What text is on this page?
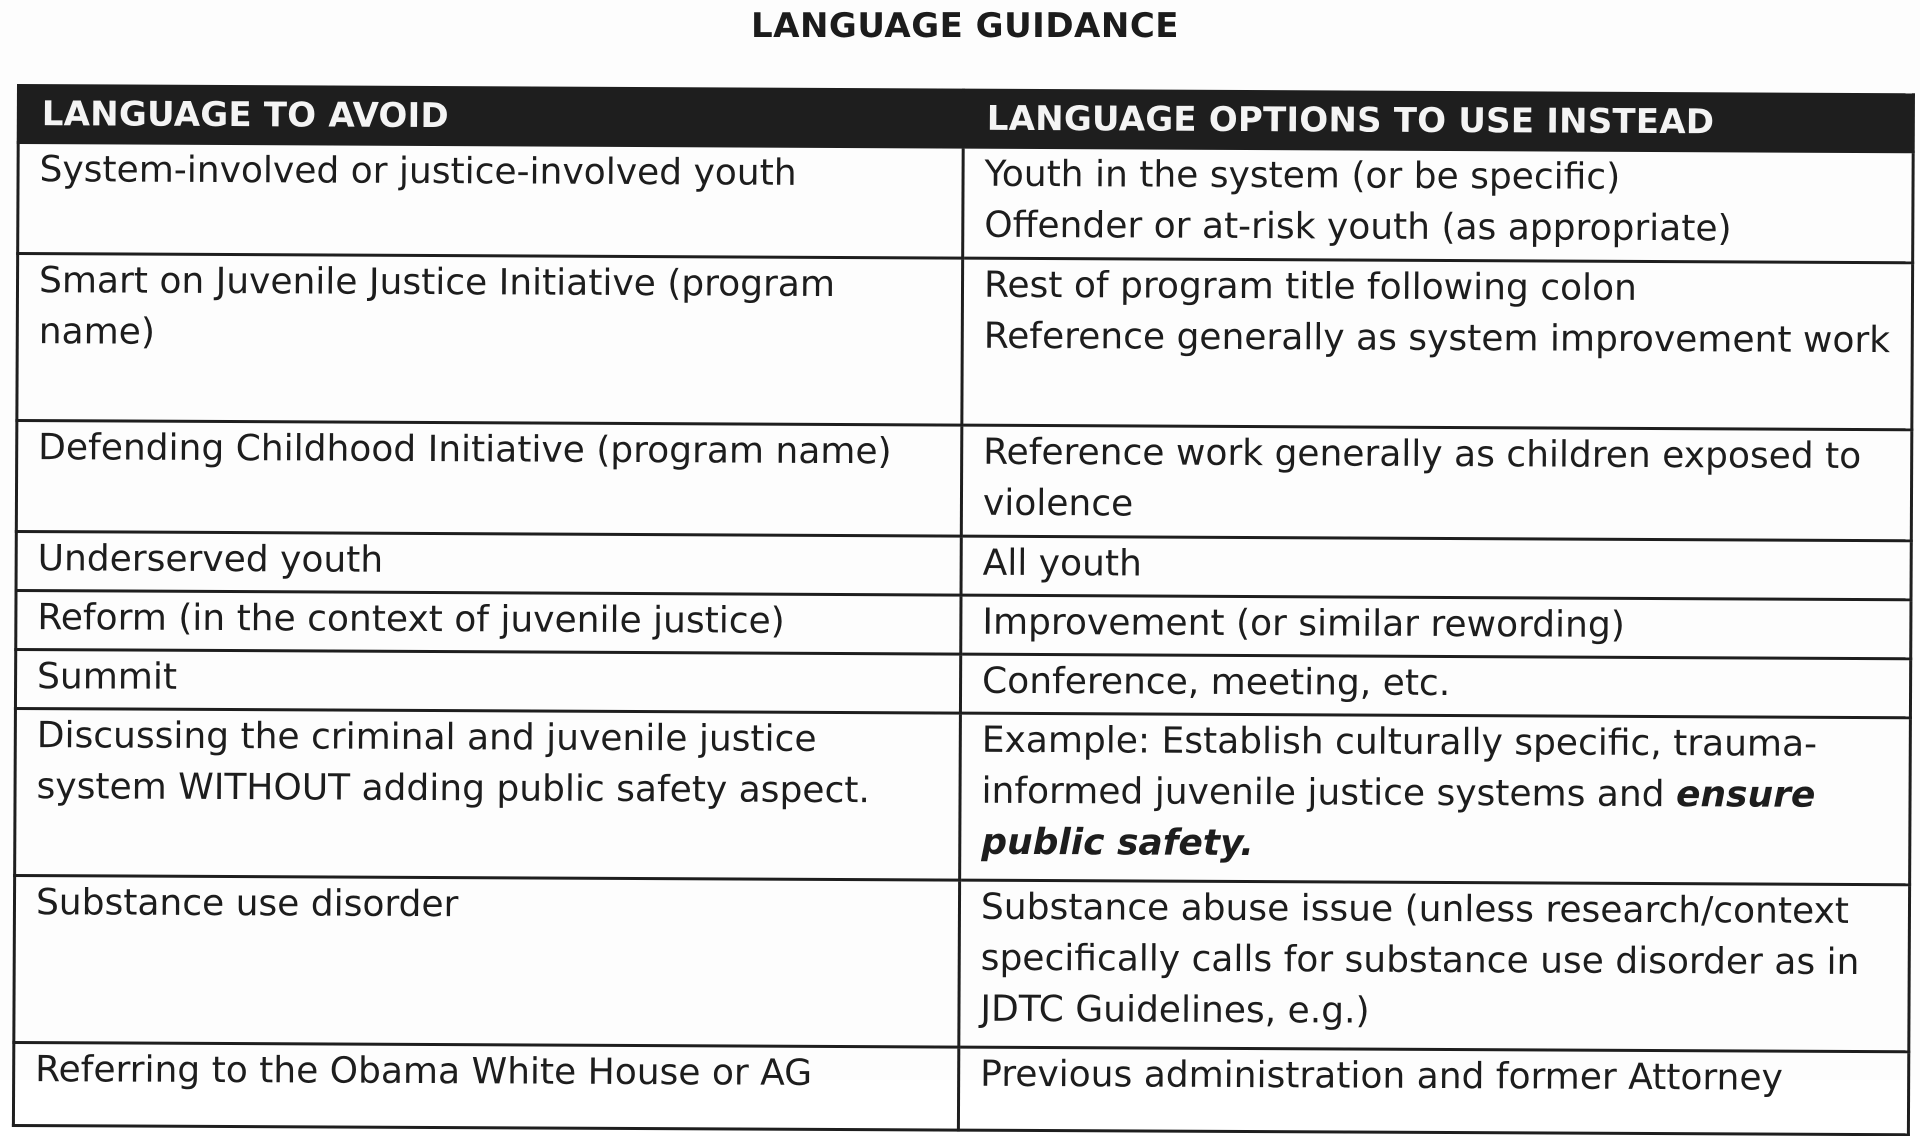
LANGUAGE GUIDANCE
LANGUAGE TO AVOID	LANGUAGE OPTIONS TO USE INSTEAD
System-involved or justice-involved youth	Youth in the system (or be specific)
Offender or at-risk youth (as appropriate)

Smart on Juvenile Justice Initiative (program name)	Rest of program title following colon
Reference generally as system improvement work

Defending Childhood Initiative (program name)	Reference work generally as children exposed to violence

Underserved youth	All youth

Reform (in the context of juvenile justice)	Improvement (or similar rewording)

Summit	Conference, meeting, etc.

Discussing the criminal and juvenile justice system WITHOUT adding public safety aspect.	Example: Establish culturally specific, trauma-informed juvenile justice systems and ensure public safety.
Substance use disorder	Substance abuse issue (unless research/context specifically calls for substance use disorder as in JDTC Guidelines, e.g.)

Referring to the Obama White House or AG	Previous administration and former Attorney
